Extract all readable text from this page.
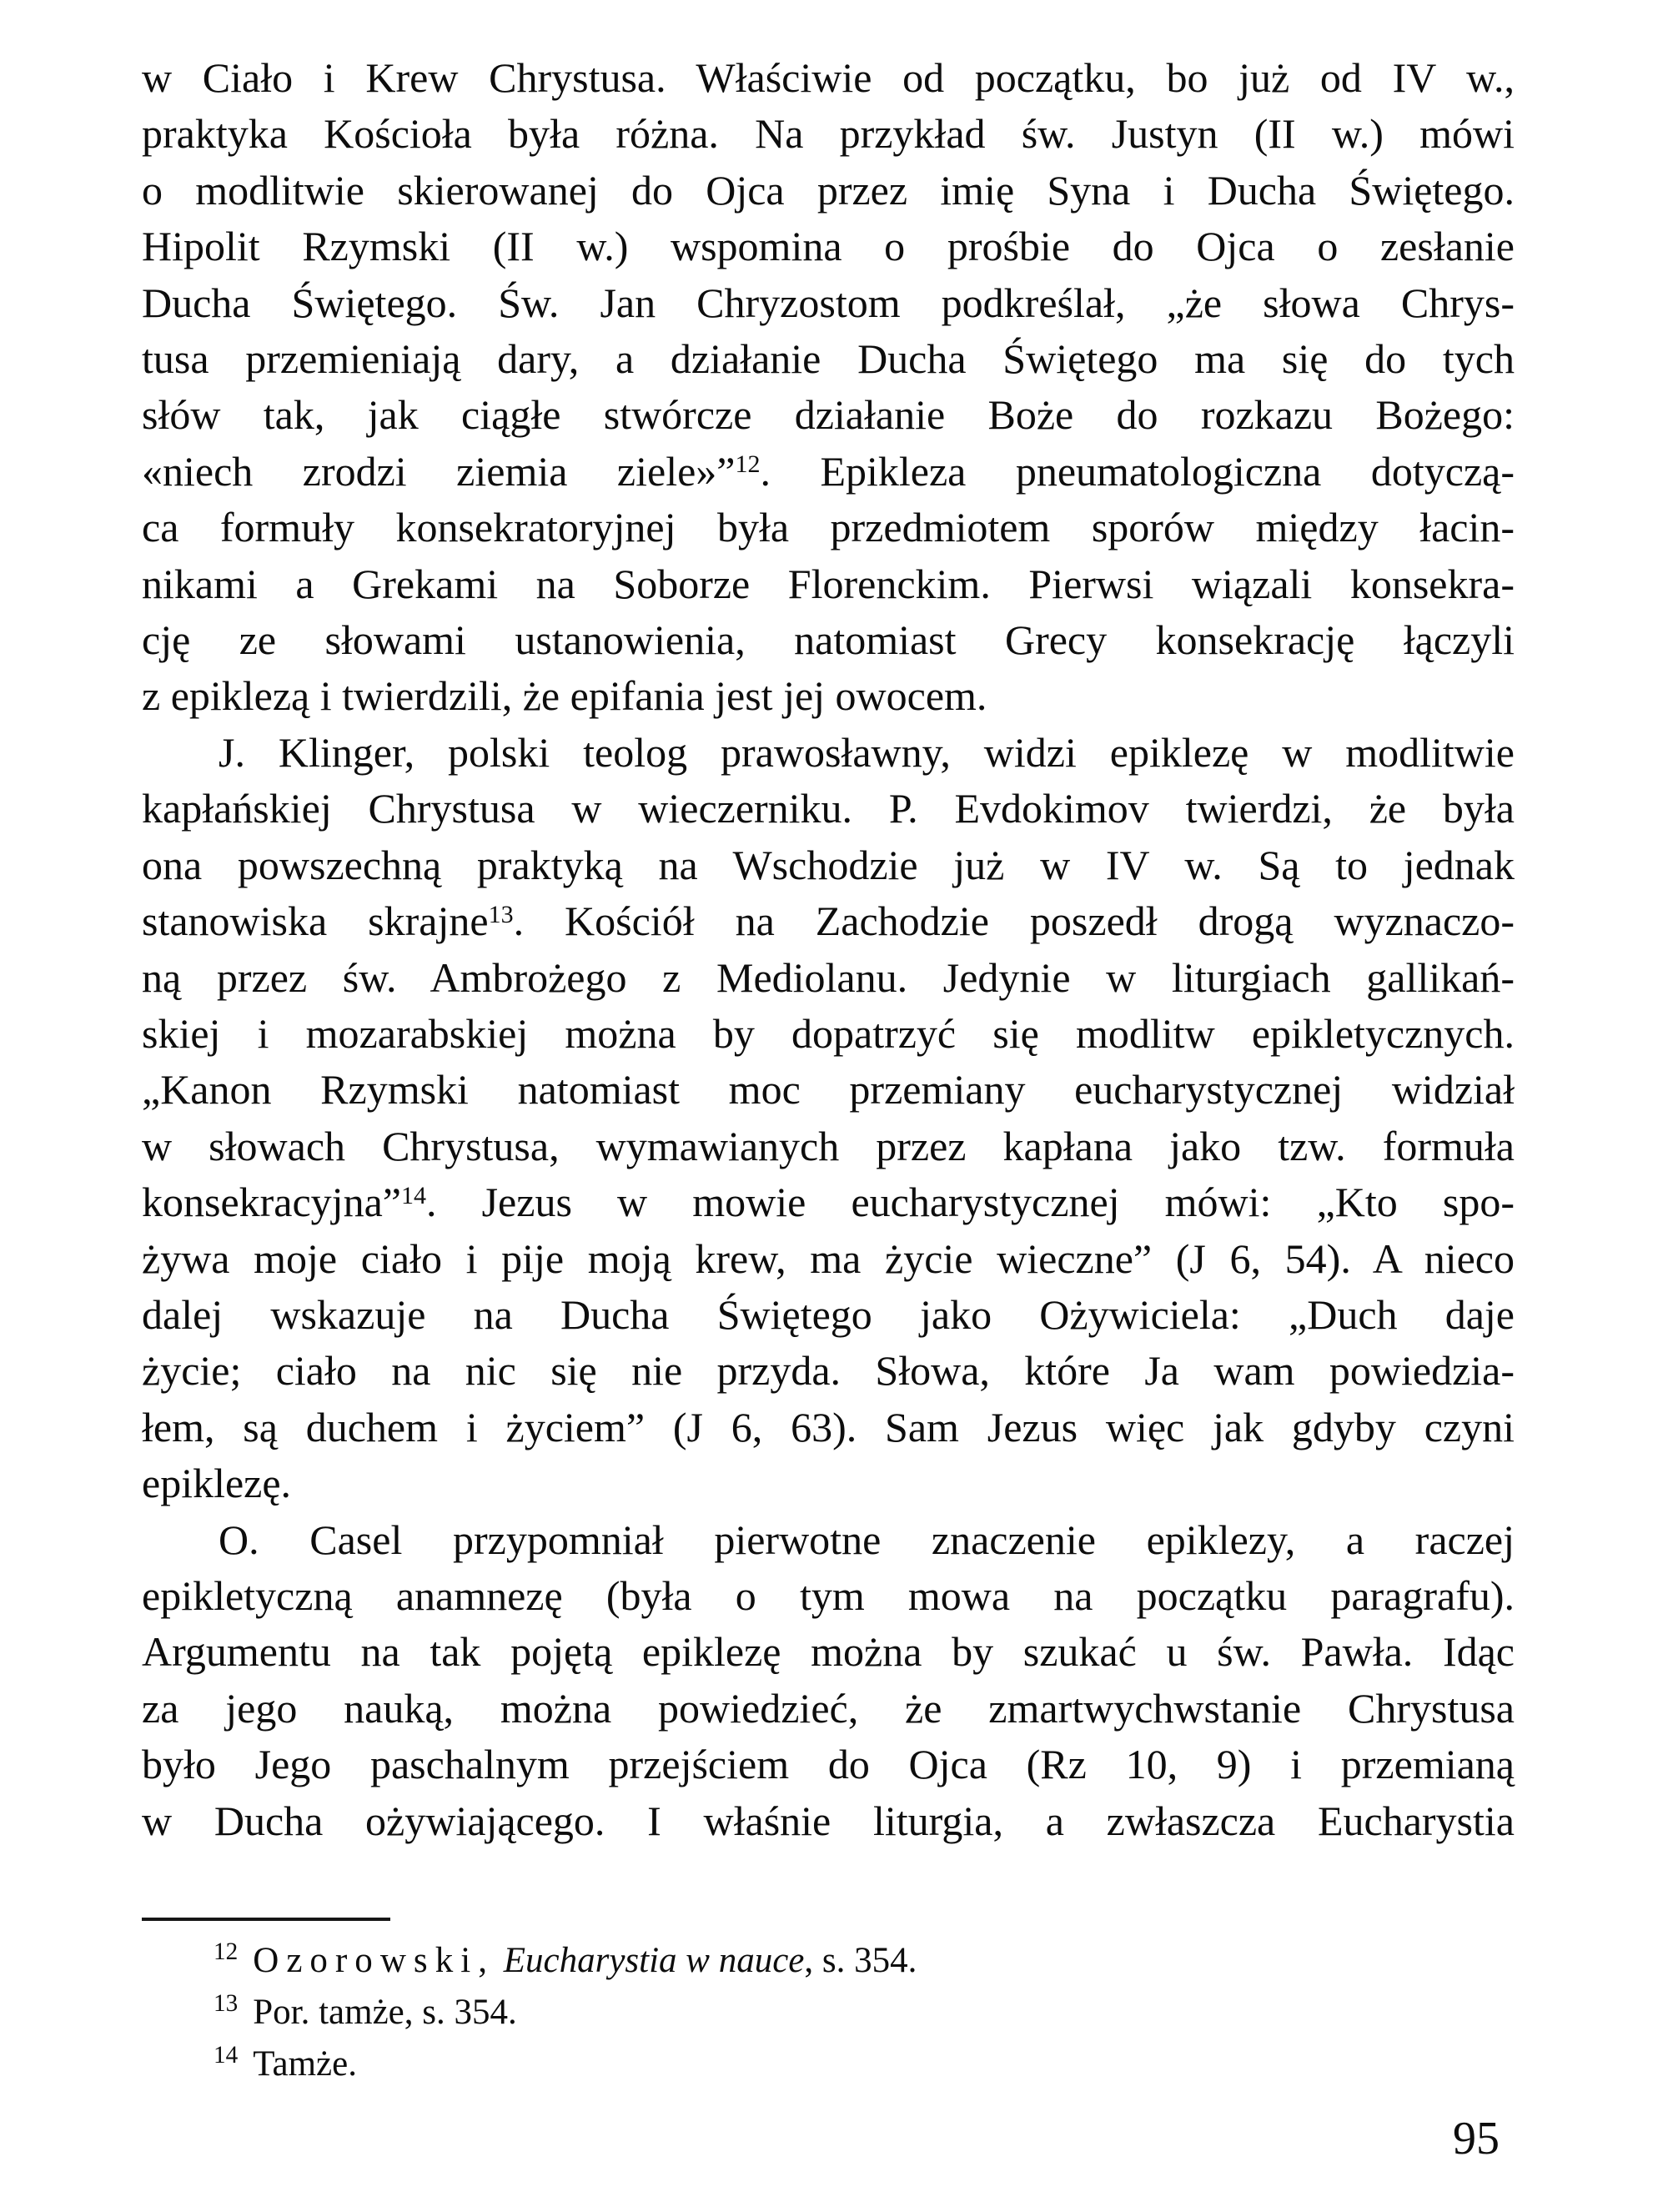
w Ciało i Krew Chrystusa. Właściwie od początku, bo już od IV w.,
praktyka Kościoła była różna. Na przykład św. Justyn (II w.) mówi
o modlitwie skierowanej do Ojca przez imię Syna i Ducha Świętego.
Hipolit Rzymski (II w.) wspomina o prośbie do Ojca o zesłanie
Ducha Świętego. Św. Jan Chryzostom podkreślał, „że słowa Chrys-
tusa przemieniają dary, a działanie Ducha Świętego ma się do tych
słów tak, jak ciągłe stwórcze działanie Boże do rozkazu Bożego:
«niech zrodzi ziemia ziele»”$^{12}$. Epikleza pneumatologiczna dotyczą-
ca formuły konsekratoryjnej była przedmiotem sporów między łacin-
nikami a Grekami na Soborze Florenckim. Pierwsi wiązali konsekra-
cję ze słowami ustanowienia, natomiast Grecy konsekrację łączyli
z epiklezą i twierdzili, że epifania jest jej owocem.
J. Klinger, polski teolog prawosławny, widzi epiklezę w modlitwie
kapłańskiej Chrystusa w wieczerniku. P. Evdokimov twierdzi, że była
ona powszechną praktyką na Wschodzie już w IV w. Są to jednak
stanowiska skrajne$^{13}$. Kościół na Zachodzie poszedł drogą wyznaczo-
ną przez św. Ambrożego z Mediolanu. Jedynie w liturgiach gallikań-
skiej i mozarabskiej można by dopatrzyć się modlitw epikletycznych.
„Kanon Rzymski natomiast moc przemiany eucharystycznej widział
w słowach Chrystusa, wymawianych przez kapłana jako tzw. formuła
konsekracyjna”$^{14}$. Jezus w mowie eucharystycznej mówi: „Kto spo-
żywa moje ciało i pije moją krew, ma życie wieczne” (J 6, 54). A nieco
dalej wskazuje na Ducha Świętego jako Ożywiciela: „Duch daje
życie; ciało na nic się nie przyda. Słowa, które Ja wam powiedzia-
łem, są duchem i życiem” (J 6, 63). Sam Jezus więc jak gdyby czyni
epiklezę.
O. Casel przypomniał pierwotne znaczenie epiklezy, a raczej
epikletyczną anamnezę (była o tym mowa na początku paragrafu).
Argumentu na tak pojętą epiklezę można by szukać u św. Pawła. Idąc
za jego nauką, można powiedzieć, że zmartwychwstanie Chrystusa
było Jego paschalnym przejściem do Ojca (Rz 10, 9) i przemianą
w Ducha ożywiającego. I właśnie liturgia, a zwłaszcza Eucharystia
$^{12}$ Ozorowski, Eucharystia w nauce, s. 354.
$^{13}$ Por. tamże, s. 354.
$^{14}$ Tamże.
95
